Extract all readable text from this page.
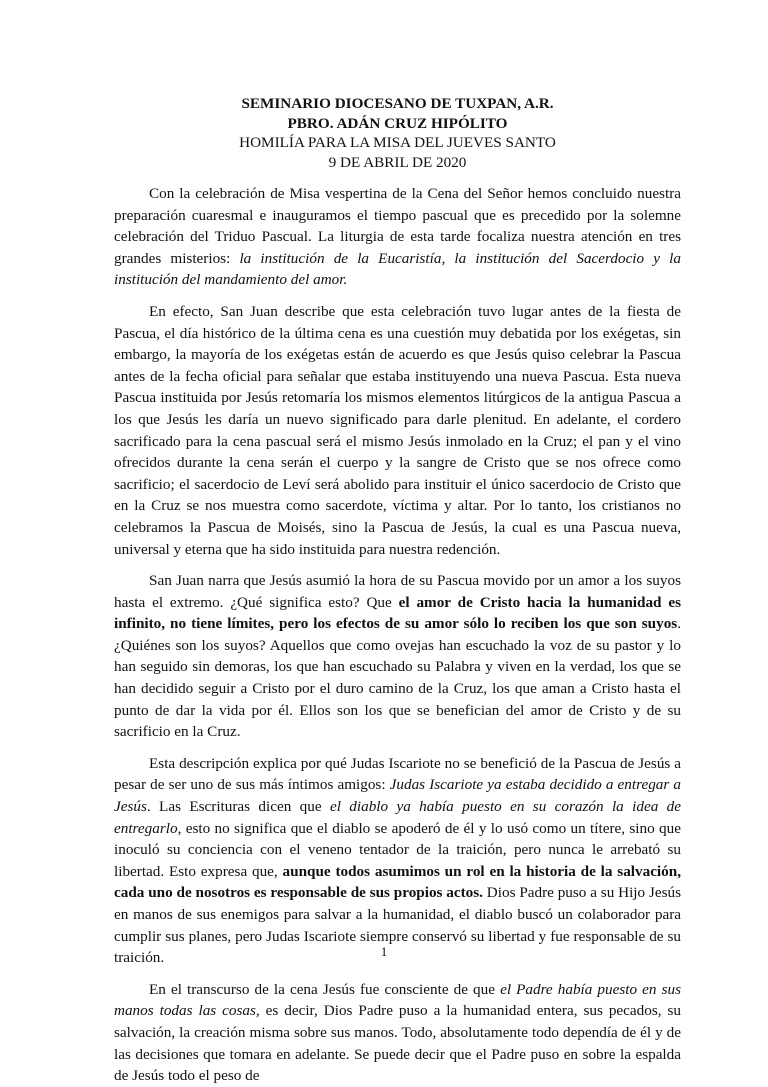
SEMINARIO DIOCESANO DE TUXPAN, A.R.
PBRO. ADÁN CRUZ HIPÓLITO
HOMILÍA PARA LA MISA DEL JUEVES SANTO
9 DE ABRIL DE 2020

Con la celebración de Misa vespertina de la Cena del Señor hemos concluido nuestra preparación cuaresmal e inauguramos el tiempo pascual que es precedido por la solemne celebración del Triduo Pascual. La liturgia de esta tarde focaliza nuestra atención en tres grandes misterios: la institución de la Eucaristía, la institución del Sacerdocio y la institución del mandamiento del amor.

En efecto, San Juan describe que esta celebración tuvo lugar antes de la fiesta de Pascua, el día histórico de la última cena es una cuestión muy debatida por los exégetas, sin embargo, la mayoría de los exégetas están de acuerdo es que Jesús quiso celebrar la Pascua antes de la fecha oficial para señalar que estaba instituyendo una nueva Pascua. Esta nueva Pascua instituida por Jesús retomaría los mismos elementos litúrgicos de la antigua Pascua a los que Jesús les daría un nuevo significado para darle plenitud. En adelante, el cordero sacrificado para la cena pascual será el mismo Jesús inmolado en la Cruz; el pan y el vino ofrecidos durante la cena serán el cuerpo y la sangre de Cristo que se nos ofrece como sacrificio; el sacerdocio de Leví será abolido para instituir el único sacerdocio de Cristo que en la Cruz se nos muestra como sacerdote, víctima y altar. Por lo tanto, los cristianos no celebramos la Pascua de Moisés, sino la Pascua de Jesús, la cual es una Pascua nueva, universal y eterna que ha sido instituida para nuestra redención.

San Juan narra que Jesús asumió la hora de su Pascua movido por un amor a los suyos hasta el extremo. ¿Qué significa esto? Que el amor de Cristo hacia la humanidad es infinito, no tiene límites, pero los efectos de su amor sólo lo reciben los que son suyos. ¿Quiénes son los suyos? Aquellos que como ovejas han escuchado la voz de su pastor y lo han seguido sin demoras, los que han escuchado su Palabra y viven en la verdad, los que se han decidido seguir a Cristo por el duro camino de la Cruz, los que aman a Cristo hasta el punto de dar la vida por él. Ellos son los que se benefician del amor de Cristo y de su sacrificio en la Cruz.

Esta descripción explica por qué Judas Iscariote no se benefició de la Pascua de Jesús a pesar de ser uno de sus más íntimos amigos: Judas Iscariote ya estaba decidido a entregar a Jesús. Las Escrituras dicen que el diablo ya había puesto en su corazón la idea de entregarlo, esto no significa que el diablo se apoderó de él y lo usó como un títere, sino que inoculó su conciencia con el veneno tentador de la traición, pero nunca le arrebató su libertad. Esto expresa que, aunque todos asumimos un rol en la historia de la salvación, cada uno de nosotros es responsable de sus propios actos. Dios Padre puso a su Hijo Jesús en manos de sus enemigos para salvar a la humanidad, el diablo buscó un colaborador para cumplir sus planes, pero Judas Iscariote siempre conservó su libertad y fue responsable de su traición.

En el transcurso de la cena Jesús fue consciente de que el Padre había puesto en sus manos todas las cosas, es decir, Dios Padre puso a la humanidad entera, sus pecados, su salvación, la creación misma sobre sus manos. Todo, absolutamente todo dependía de él y de las decisiones que tomara en adelante. Se puede decir que el Padre puso en sobre la espalda de Jesús todo el peso de

1
